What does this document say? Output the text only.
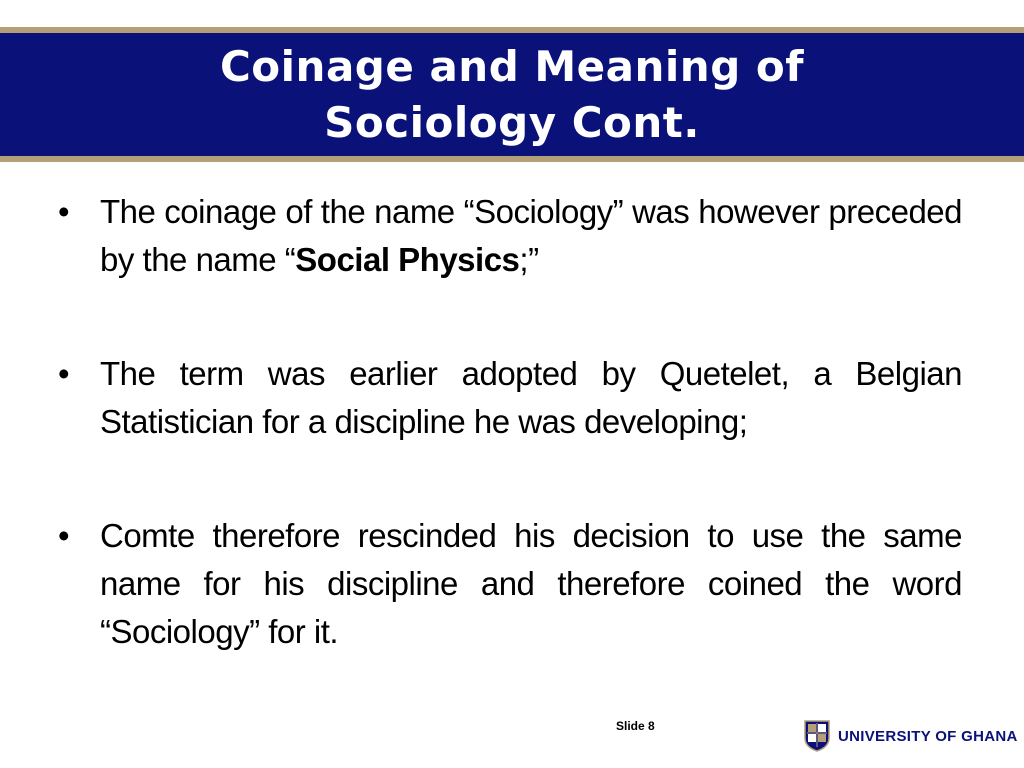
Coinage and Meaning of Sociology Cont.
• The coinage of the name “Sociology” was however preceded by the name “Social Physics;”
• The term was earlier adopted by Quetelet, a Belgian Statistician for a discipline he was developing;
• Comte therefore rescinded his decision to use the same name for his discipline and therefore coined the word “Sociology” for it.
Slide 8
UNIVERSITY OF GHANA
